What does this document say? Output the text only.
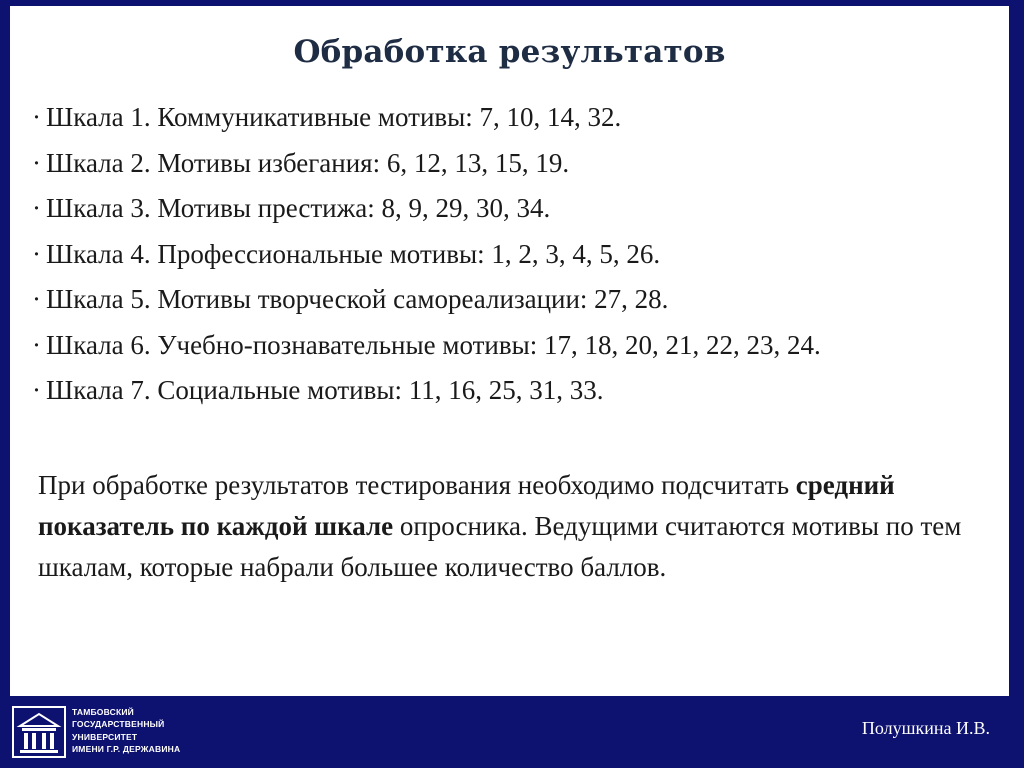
Обработка результатов
· Шкала 1. Коммуникативные мотивы: 7, 10, 14, 32.
· Шкала 2. Мотивы избегания: 6, 12, 13, 15, 19.
· Шкала 3. Мотивы престижа: 8, 9, 29, 30, 34.
· Шкала 4. Профессиональные мотивы: 1, 2, 3, 4, 5, 26.
· Шкала 5. Мотивы творческой самореализации: 27, 28.
· Шкала 6. Учебно-познавательные мотивы: 17, 18, 20, 21, 22, 23, 24.
· Шкала 7. Социальные мотивы: 11, 16, 25, 31, 33.

При обработке результатов тестирования необходимо подсчитать средний показатель по каждой шкале опросника. Ведущими считаются мотивы по тем шкалам, которые набрали большее количество баллов.

ТАМБОВСКИЙ
ГОСУДАРСТВЕННЫЙ
УНИВЕРСИТЕТ
ИМЕНИ Г.Р. ДЕРЖАВИНА
Полушкина И.В.
